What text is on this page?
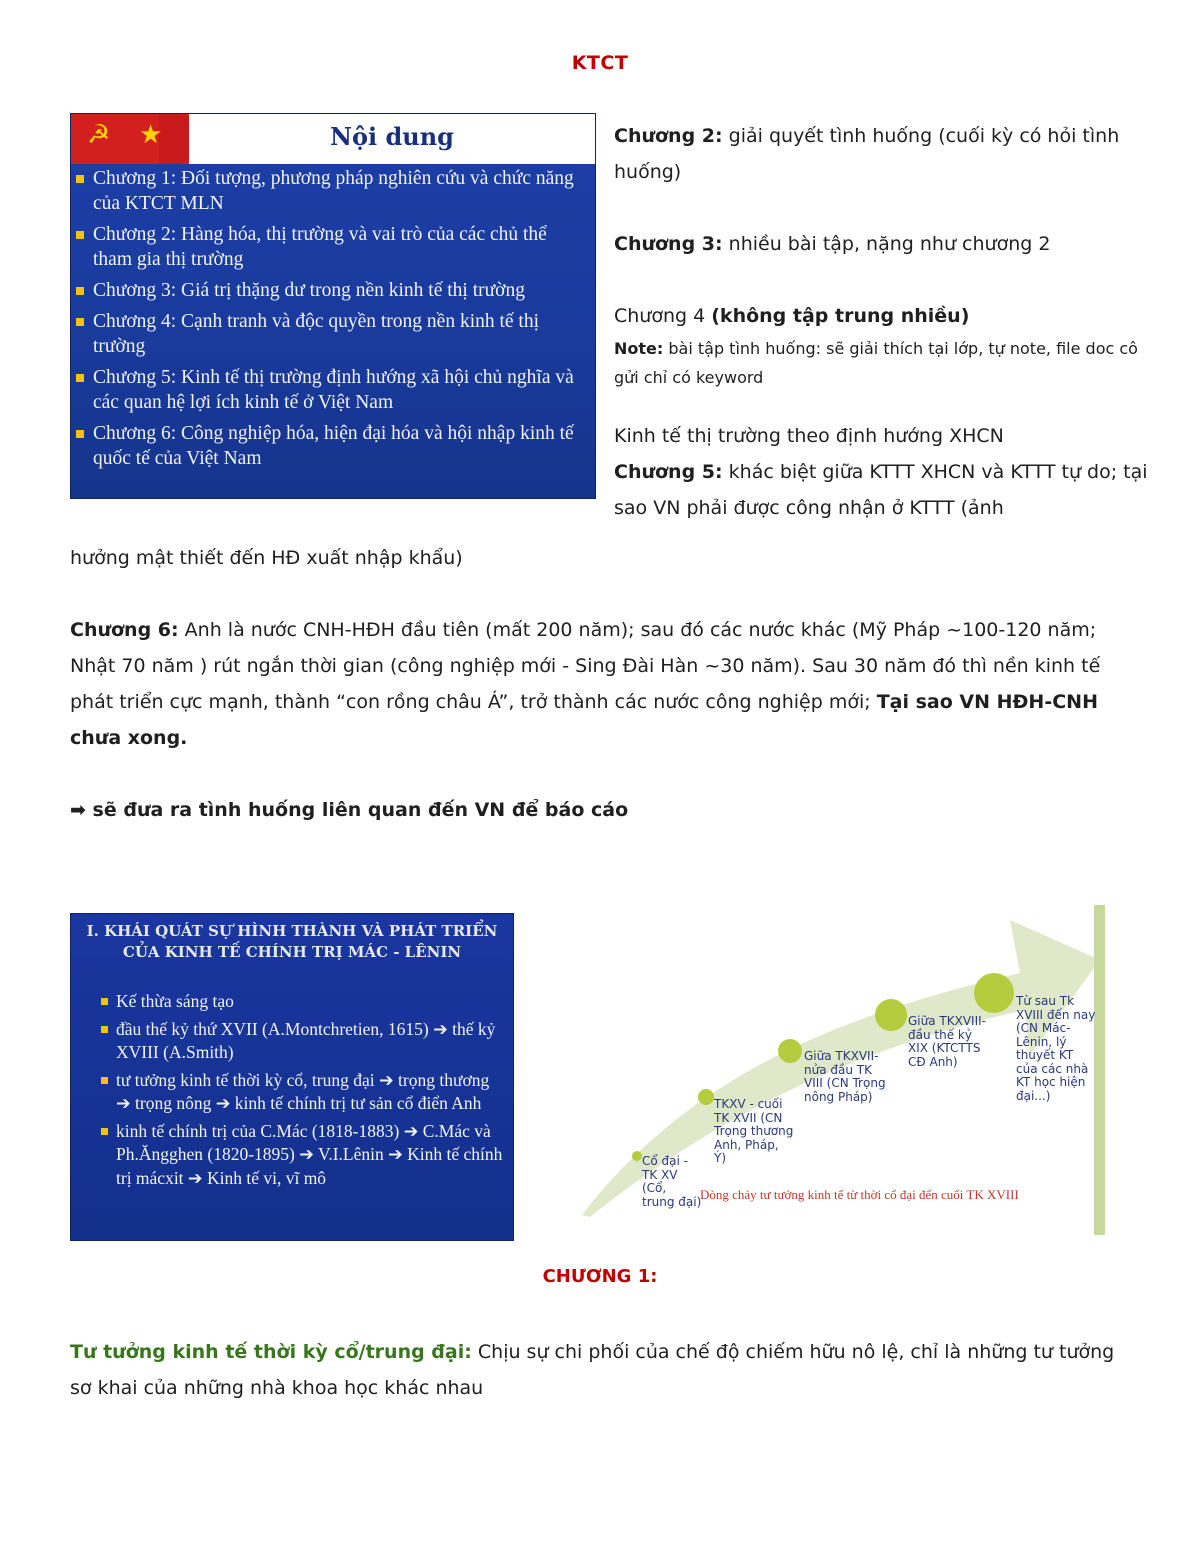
KTCT
☭ ★	Nội dung
Chương 1: Đối tượng, phương pháp nghiên cứu và chức năng của KTCT MLN
Chương 2: Hàng hóa, thị trường và vai trò của các chủ thể tham gia thị trường
Chương 3: Giá trị thặng dư trong nền kinh tế thị trường
Chương 4: Cạnh tranh và độc quyền trong nền kinh tế thị trường
Chương 5: Kinh tế thị trường định hướng xã hội chủ nghĩa và các quan hệ lợi ích kinh tế ở Việt Nam
Chương 6: Công nghiệp hóa, hiện đại hóa và hội nhập kinh tế quốc tế của Việt Nam

Chương 2: giải quyết tình huống (cuối kỳ có hỏi tình huống)

Chương 3: nhiều bài tập, nặng như chương 2

Chương 4 (không tập trung nhiều)

Note: bài tập tình huống: sẽ giải thích tại lớp, tự note, file doc cô gửi chỉ có keyword

Kinh tế thị trường theo định hướng XHCN

Chương 5: khác biệt giữa KTTT XHCN và KTTT tự do; tại sao VN phải được công nhận ở KTTT (ảnh

hưởng mật thiết đến HĐ xuất nhập khẩu)

Chương 6: Anh là nước CNH-HĐH đầu tiên (mất 200 năm); sau đó các nước khác (Mỹ Pháp ~100-120 năm; Nhật 70 năm ) rút ngắn thời gian (công nghiệp mới - Sing Đài Hàn ~30 năm). Sau 30 năm đó thì nền kinh tế phát triển cực mạnh, thành “con rồng châu Á”, trở thành các nước công nghiệp mới; Tại sao VN HĐH-CNH chưa xong.

➡ sẽ đưa ra tình huống liên quan đến VN để báo cáo

I. KHÁI QUÁT SỰ HÌNH THÀNH VÀ PHÁT TRIỂN
CỦA KINH TẾ CHÍNH TRỊ MÁC - LÊNIN
Kế thừa sáng tạo
đầu thế kỷ thứ XVII (A.Montchretien, 1615) ➔ thế kỷ XVIII (A.Smith)
tư tưởng kinh tế thời kỳ cổ, trung đại ➔ trọng thương ➔ trọng nông ➔ kinh tế chính trị tư sản cổ điển Anh
kinh tế chính trị của C.Mác (1818-1883) ➔ C.Mác và Ph.Ăngghen (1820-1895) ➔ V.I.Lênin ➔ Kinh tế chính trị mácxit ➔ Kinh tế vi, vĩ mô
Cổ đại - TK XV (Cổ, trung đại)
TKXV - cuối TK XVII (CN Trọng thương Anh, Pháp, Ý)
Giữa TKXVII-nửa đầu TK VIII (CN Trọng nông Pháp)
Giữa TKXVIII- đầu thế kỷ XIX (KTCTTS CĐ Anh)
Từ sau Tk XVIII đến nay (CN Mác- Lênin, lý thuyết KT của các nhà KT học hiện đại...)
Dòng chảy tư tưởng kinh tế từ thời cổ đại đến cuối TK XVIII
CHƯƠNG 1:

Tư tưởng kinh tế thời kỳ cổ/trung đại: Chịu sự chi phối của chế độ chiếm hữu nô lệ, chỉ là những tư tưởng sơ khai của những nhà khoa học khác nhau
